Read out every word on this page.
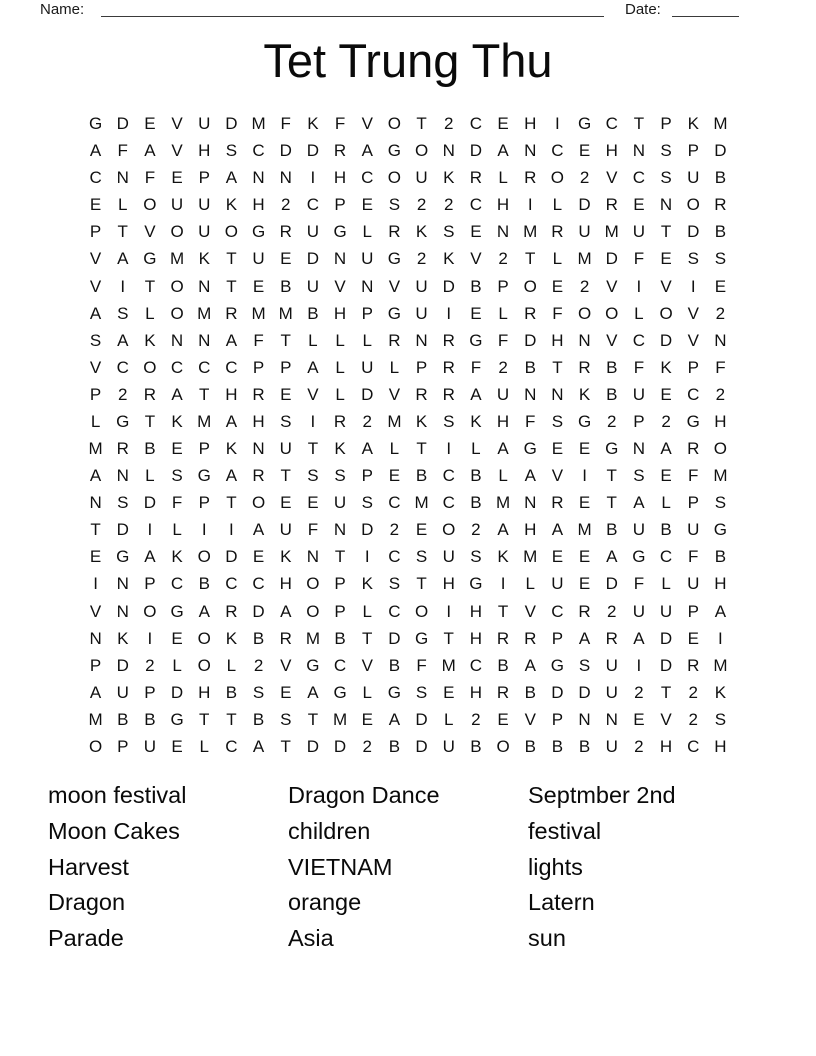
Name:	Date:
Tet Trung Thu
G D E V U D M F K F V O T	2 C E H	I	G C T P K M
A F A V H S C D D R A G O N D A N C E H N S P D
C N F E P A N N	I	H C O U K R L R O 2 V C S U B
E L O U U K H 2 C P E S 2	2 C H	I	L D R E N O R
P T V O U O G R U G L R K S E N M R U M U T D B
V A G M K T U E D N U G 2 K V 2	T	L M D F E S S
V	I	T O N T E B U V N V U D B P O E 2 V	I	V	I	E
A S L O M R M M B H P G U	I	E L R F O O L O V 2
S A K N N A F T	L	L	L R N R G F D H N V C D V N
V C O C C C P P A L U L P R F	2 B T R B F K P F
P 2 R A T H R E V L D V R R A U N N K B U E C 2
L G T K M A H S	I	R 2 M K S K H F S G 2 P 2 G H
M R B E P K N U T K A L	T	I	L A G E E G N A R O
A N L S G A R T S S P E B C B L A V	I	T S E F M
N S D F P T O E E U S C M C B M N R E T A L P S
T D	I	L	I	I	A U F N D 2 E O 2 A H A M B U B U G
E G A K O D E K N T	I	C S U S K M E E A G C F B
I	N P C B C C H O P K S T H G	I	L U E D F	L U H
V N O G A R D A O P L C O	I	H T V C R 2 U U P A
N K	I	E O K B R M B T D G T H R R P A R A D E	I
P D 2	L O L	2 V G C V B F M C B A G S U	I	D R M
A U P D H B S E A G L G S E H R B D D U 2	T	2 K
M B B G T T B S T M E A D L	2 E V P N N E V 2 S
O P U E L C A T D D 2 B D U B O B B B U 2 H C H
moon festival
Moon Cakes
Harvest
Dragon
Parade
Dragon Dance
children
VIETNAM
orange
Asia
Septmber 2nd
festival
lights
Latern
sun
